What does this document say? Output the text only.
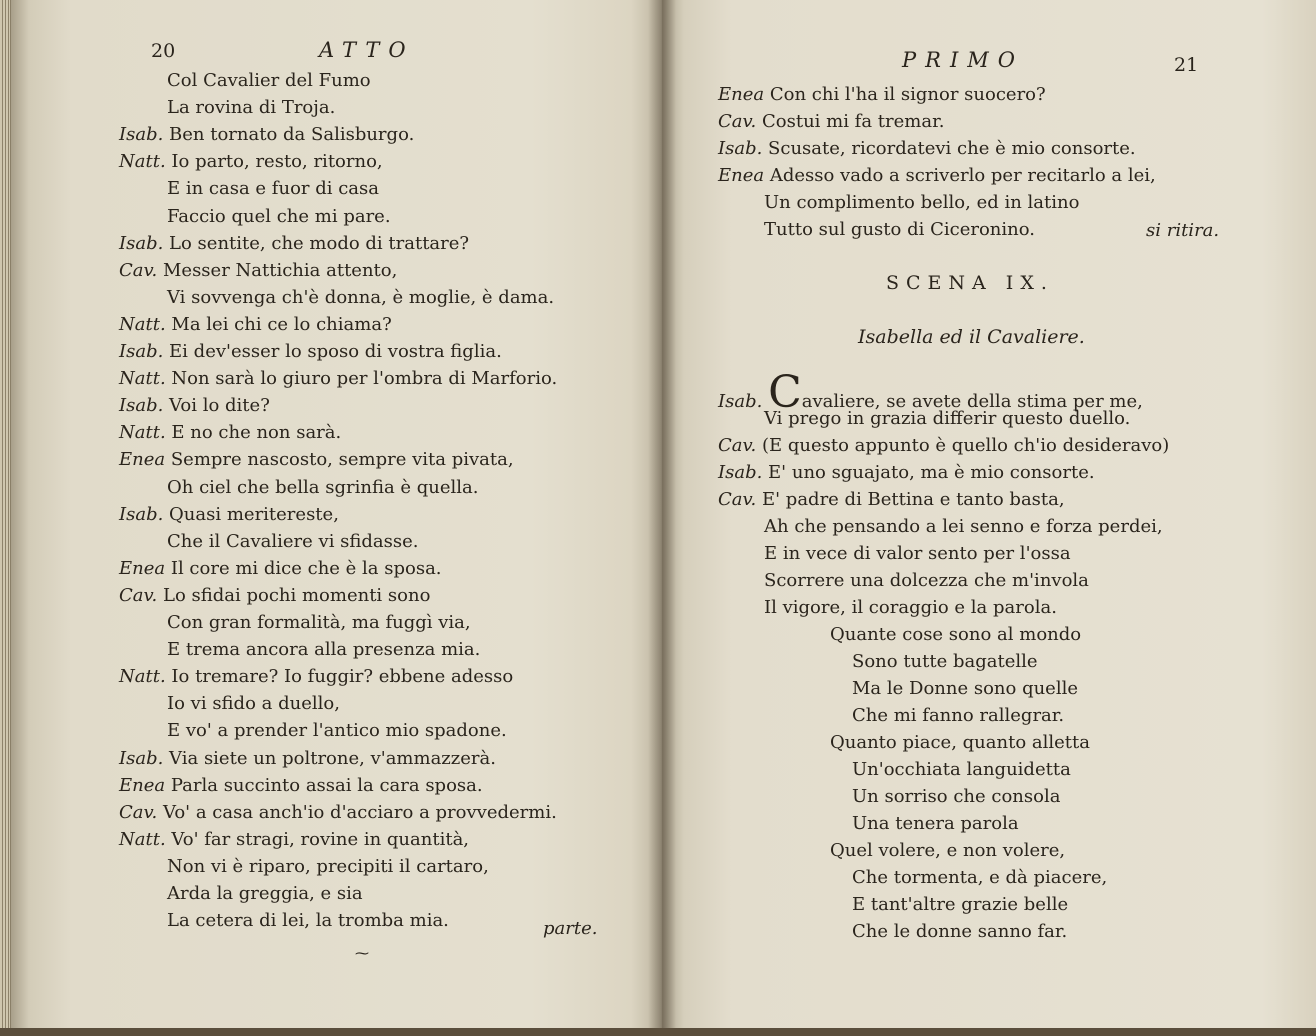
20	ATTO
Col Cavalier del Fumo
La rovina di Troja.
Isab. Ben tornato da Salisburgo.
Natt. Io parto, resto, ritorno,
E in casa e fuor di casa
Faccio quel che mi pare.
Isab. Lo sentite, che modo di trattare?
Cav. Messer Nattichia attento,
Vi sovvenga ch'è donna, è moglie, è dama.
Natt. Ma lei chi ce lo chiama?
Isab. Ei dev'esser lo sposo di vostra figlia.
Natt. Non sarà lo giuro per l'ombra di Marforio.
Isab. Voi lo dite?
Natt. E no che non sarà.
Enea Sempre nascosto, sempre vita pivata,
Oh ciel che bella sgrinfia è quella.
Isab. Quasi meritereste,
Che il Cavaliere vi sfidasse.
Enea Il core mi dice che è la sposa.
Cav. Lo sfidai pochi momenti sono
Con gran formalità, ma fuggì via,
E trema ancora alla presenza mia.
Natt. Io tremare? Io fuggir? ebbene adesso
Io vi sfido a duello,
E vo' a prender l'antico mio spadone.
Isab. Via siete un poltrone, v'ammazzerà.
Enea Parla succinto assai la cara sposa.
Cav. Vo' a casa anch'io d'acciaro a provvedermi.
Natt. Vo' far stragi, rovine in quantità,
Non vi è riparo, precipiti il cartaro,
Arda la greggia, e sia
La cetera di lei, la tromba mia.	parte.
⁓
PRIMO	21
Enea Con chi l'ha il signor suocero?
Cav. Costui mi fa tremar.
Isab. Scusate, ricordatevi che è mio consorte.
Enea Adesso vado a scriverlo per recitarlo a lei,
Un complimento bello, ed in latino
Tutto sul gusto di Ciceronino.	si ritira.
SCENA IX.
Isabella ed il Cavaliere.
Isab. Cavaliere, se avete della stima per me,
Vi prego in grazia differir questo duello.
Cav. (E questo appunto è quello ch'io desideravo)
Isab. E' uno sguajato, ma è mio consorte.
Cav. E' padre di Bettina e tanto basta,
Ah che pensando a lei senno e forza perdei,
E in vece di valor sento per l'ossa
Scorrere una dolcezza che m'invola
Il vigore, il coraggio e la parola.
Quante cose sono al mondo
Sono tutte bagatelle
Ma le Donne sono quelle
Che mi fanno rallegrar.
Quanto piace, quanto alletta
Un'occhiata languidetta
Un sorriso che consola
Una tenera parola
Quel volere, e non volere,
Che tormenta, e dà piacere,
E tant'altre grazie belle
Che le donne sanno far.
